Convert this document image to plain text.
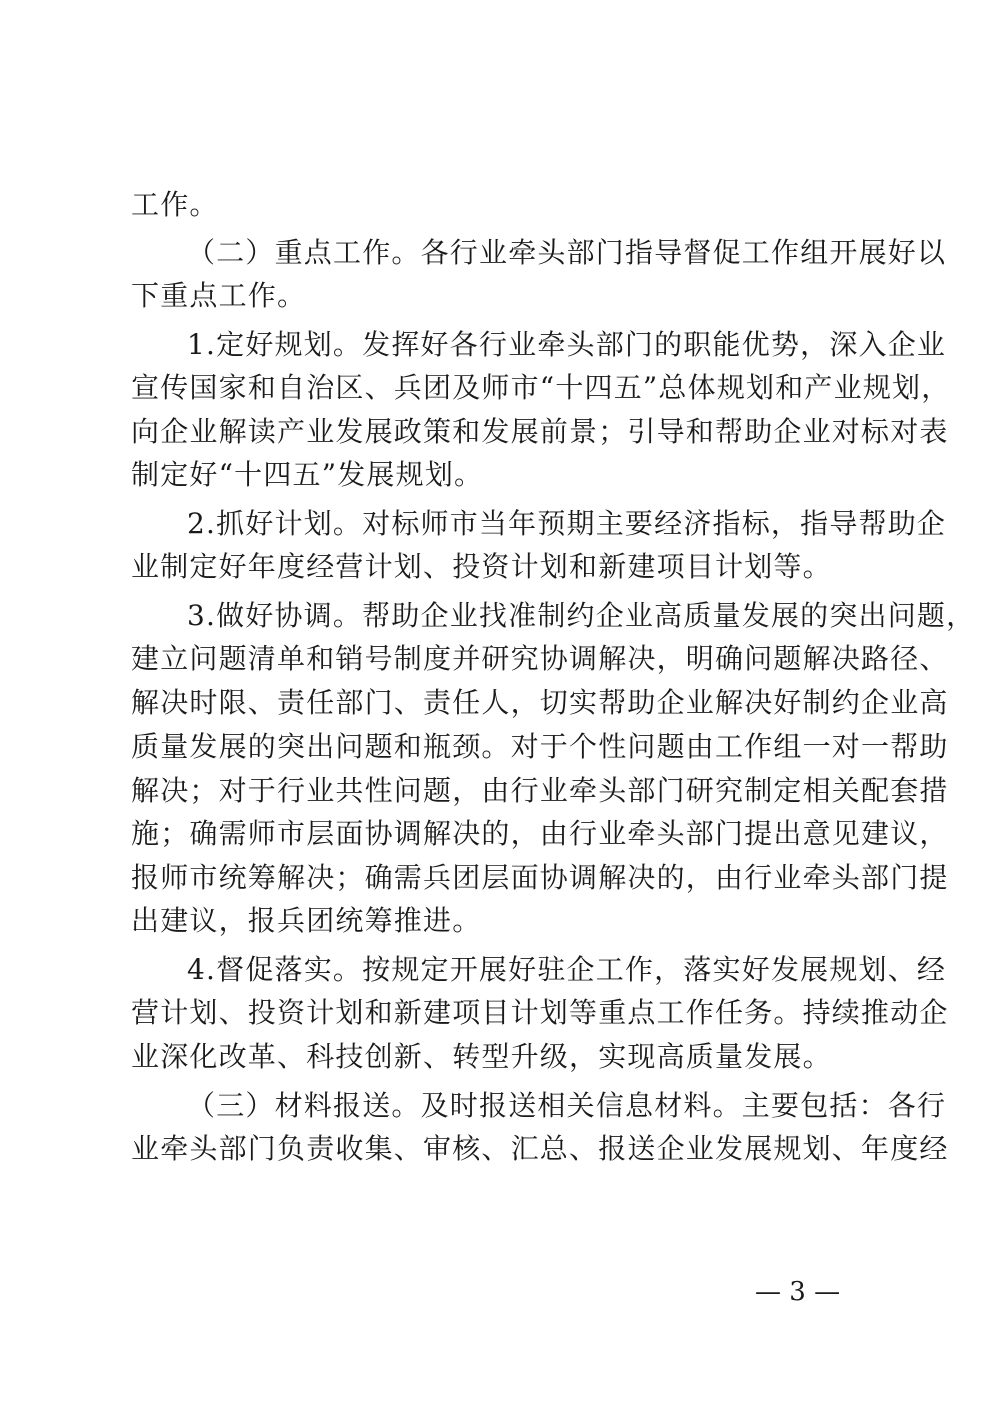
工作。
（二）重点工作。各行业牵头部门指导督促工作组开展好以
下重点工作。
1.定好规划。发挥好各行业牵头部门的职能优势，深入企业
宣传国家和自治区、兵团及师市“十四五”总体规划和产业规划，
向企业解读产业发展政策和发展前景；引导和帮助企业对标对表
制定好“十四五”发展规划。
2.抓好计划。对标师市当年预期主要经济指标，指导帮助企
业制定好年度经营计划、投资计划和新建项目计划等。
3.做好协调。帮助企业找准制约企业高质量发展的突出问题，
建立问题清单和销号制度并研究协调解决，明确问题解决路径、
解决时限、责任部门、责任人，切实帮助企业解决好制约企业高
质量发展的突出问题和瓶颈。对于个性问题由工作组一对一帮助
解决；对于行业共性问题，由行业牵头部门研究制定相关配套措
施；确需师市层面协调解决的，由行业牵头部门提出意见建议，
报师市统筹解决；确需兵团层面协调解决的，由行业牵头部门提
出建议，报兵团统筹推进。
4.督促落实。按规定开展好驻企工作，落实好发展规划、经
营计划、投资计划和新建项目计划等重点工作任务。持续推动企
业深化改革、科技创新、转型升级，实现高质量发展。
（三）材料报送。及时报送相关信息材料。主要包括：各行
业牵头部门负责收集、审核、汇总、报送企业发展规划、年度经
— 3 —
